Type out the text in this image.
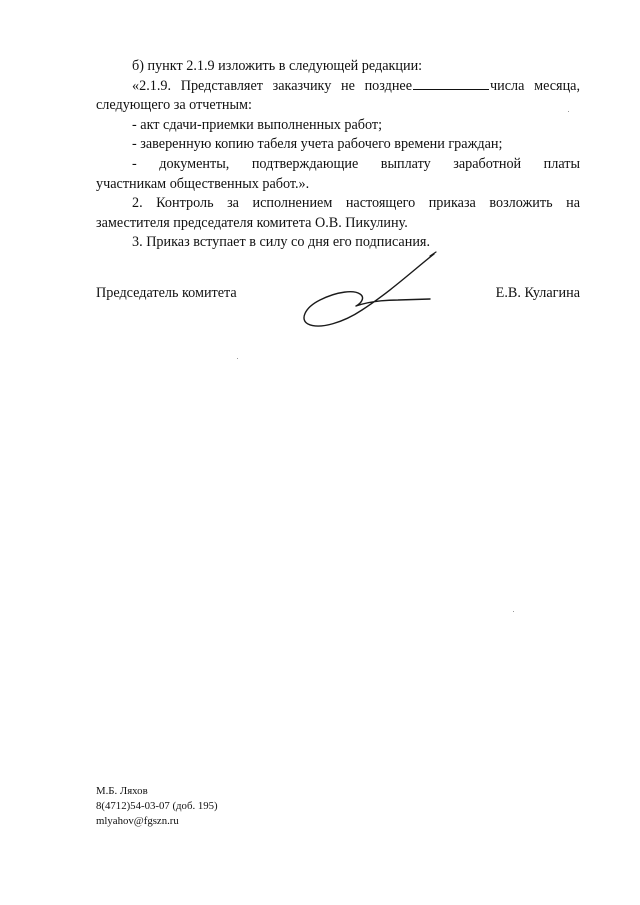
б) пункт 2.1.9 изложить в следующей редакции:

«2.1.9. Представляет заказчику не позднее	числа месяца, следующего за отчетным:

- акт сдачи-приемки выполненных работ;

- заверенную копию табеля учета рабочего времени граждан;

- документы, подтверждающие выплату заработной платы

участникам общественных работ.».

2. Контроль за исполнением настоящего приказа возложить на заместителя председателя комитета О.В. Пикулину.

3. Приказ вступает в силу со дня его подписания.

Председатель комитета	Е.В. Кулагина
М.Б. Ляхов
8(4712)54-03-07 (доб. 195)
mlyahov@fgszn.ru
